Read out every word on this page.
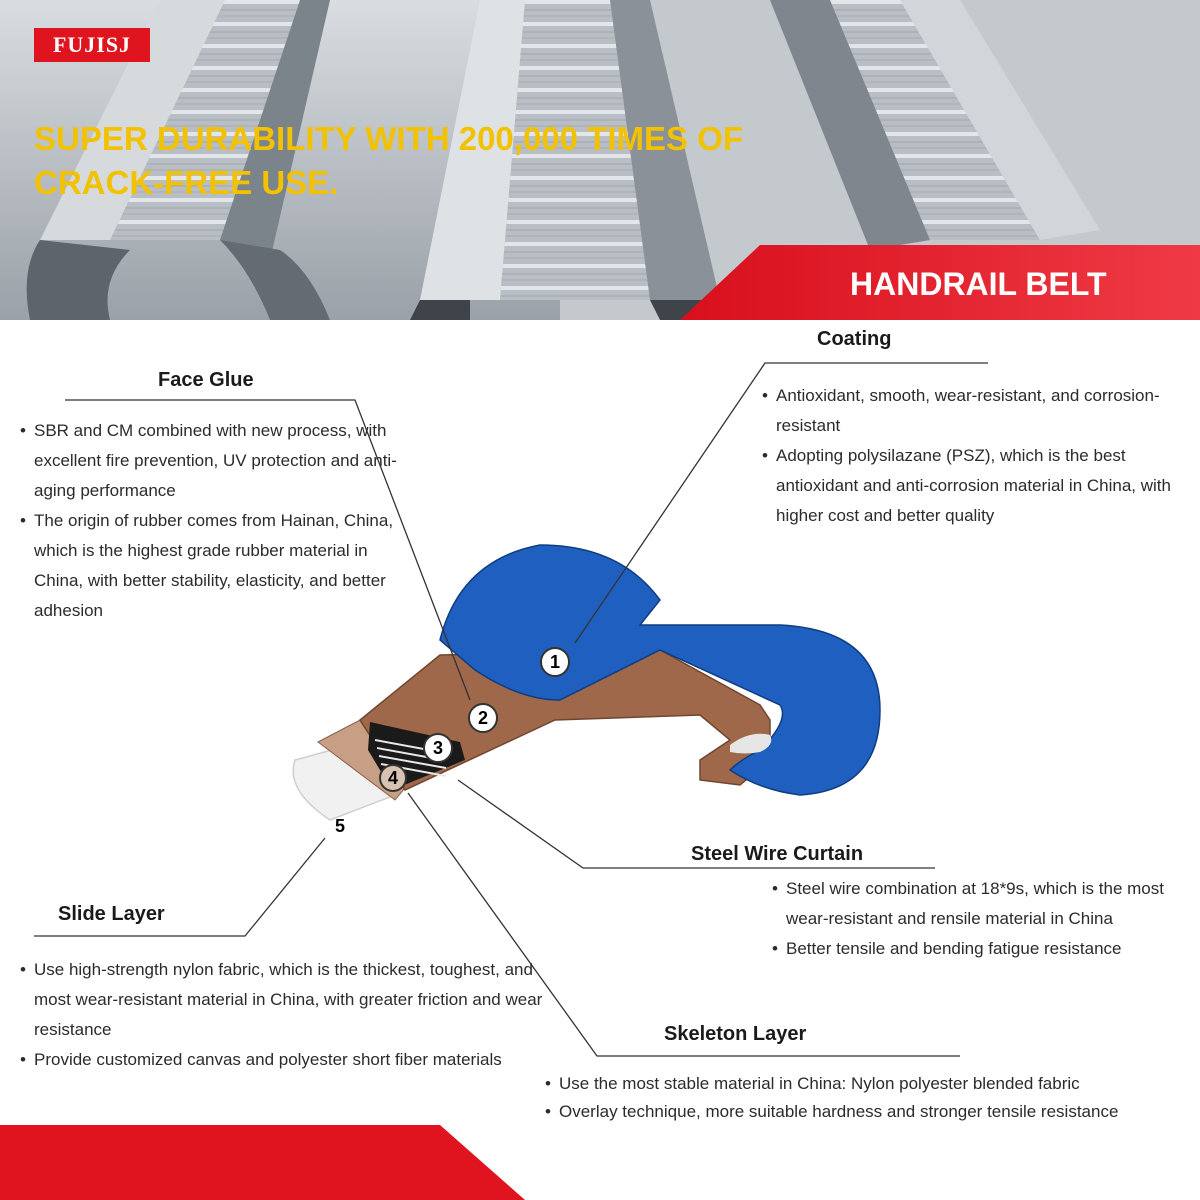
FUJISJ
SUPER DURABILITY WITH 200,000 TIMES OF CRACK-FREE USE.
HANDRAIL BELT
1
2
3
4
5
Coating
• Antioxidant, smooth, wear-resistant, and corrosion-resistant
• Adopting polysilazane (PSZ), which is the best antioxidant and anti-corrosion material in China, with higher cost and better quality
Face Glue
• SBR and CM combined with new process, with excellent fire prevention, UV protection and anti-aging performance
• The origin of rubber comes from Hainan, China, which is the highest grade rubber material in China, with better stability, elasticity, and better adhesion
Steel Wire Curtain
• Steel wire combination at 18*9s, which is the most wear-resistant and rensile material in China
• Better tensile and bending fatigue resistance
Slide Layer
• Use high-strength nylon fabric, which is the thickest, toughest, and most wear-resistant material in China, with greater friction and wear resistance
• Provide customized canvas and polyester short fiber materials
Skeleton Layer
• Use the most stable material in China: Nylon polyester blended fabric
• Overlay technique, more suitable hardness and stronger tensile resistance
